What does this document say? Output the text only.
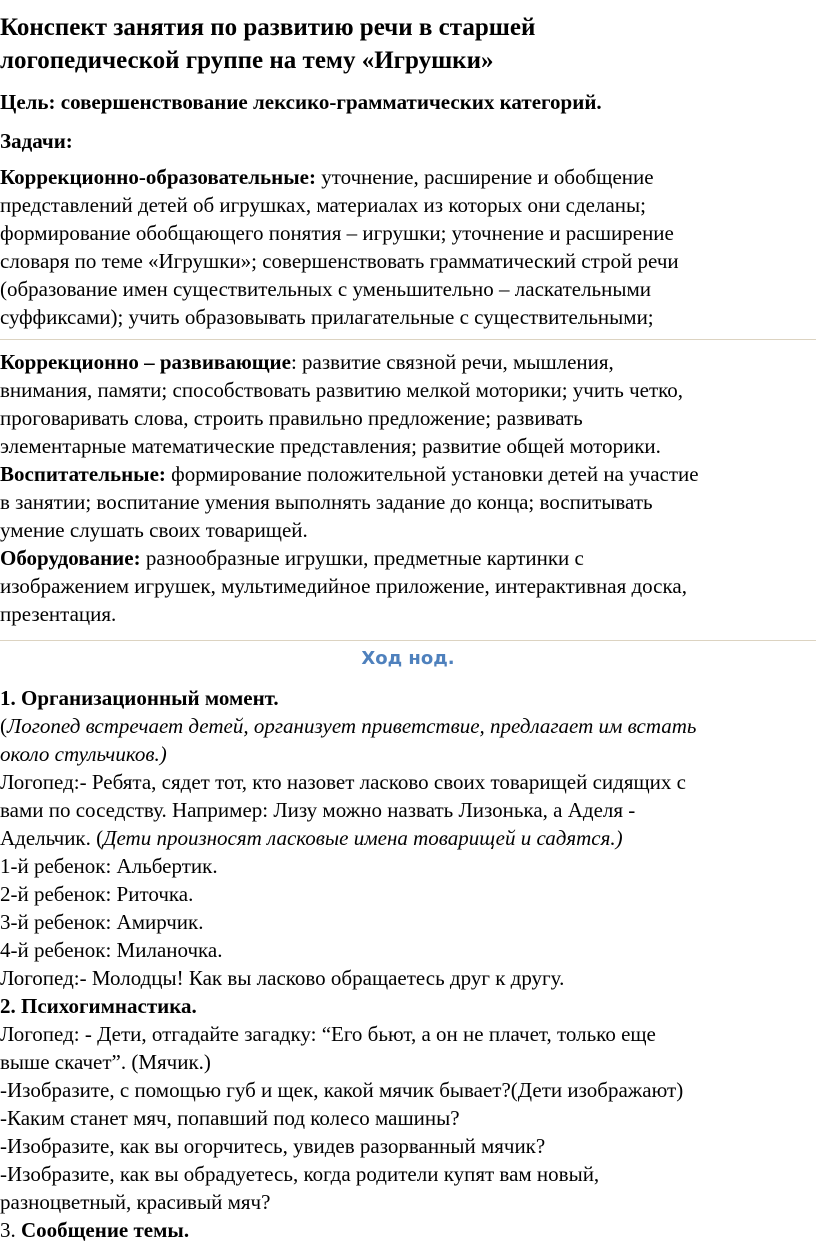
Конспект занятия по развитию речи в старшей
логопедической группе на тему «Игрушки»
Цель: совершенствование лексико-грамматических категорий.
Задачи:
Коррекционно-образовательные: уточнение, расширение и обобщение
представлений детей об игрушках, материалах из которых они сделаны;
формирование обобщающего понятия – игрушки; уточнение и расширение
словаря по теме «Игрушки»; совершенствовать грамматический строй речи
(образование имен существительных с уменьшительно – ласкательными
суффиксами); учить образовывать прилагательные с существительными;
Коррекционно – развивающие: развитие связной речи, мышления,
внимания, памяти; способствовать развитию мелкой моторики; учить четко,
проговаривать слова, строить правильно предложение; развивать
элементарные математические представления; развитие общей моторики.
Воспитательные: формирование положительной установки детей на участие
в занятии; воспитание умения выполнять задание до конца; воспитывать
умение слушать своих товарищей.
Оборудование: разнообразные игрушки, предметные картинки с
изображением игрушек, мультимедийное приложение, интерактивная доска,
презентация.
Ход нод.
1. Организационный момент.
(Логопед встречает детей, организует приветствие, предлагает им встать
около стульчиков.)
Логопед:- Ребята, сядет тот, кто назовет ласково своих товарищей сидящих с
вами по соседству. Например: Лизу можно назвать Лизонька, а Аделя -
Адельчик. (Дети произносят ласковые имена товарищей и садятся.)
1-й ребенок: Альбертик.
2-й ребенок: Риточка.
3-й ребенок: Амирчик.
4-й ребенок: Миланочка.
Логопед:- Молодцы! Как вы ласково обращаетесь друг к другу.
2. Психогимнастика.
Логопед: - Дети, отгадайте загадку: “Его бьют, а он не плачет, только еще
выше скачет”. (Мячик.)
-Изобразите, с помощью губ и щек, какой мячик бывает?(Дети изображают)
-Каким станет мяч, попавший под колесо машины?
-Изобразите, как вы огорчитесь, увидев разорванный мячик?
-Изобразите, как вы обрадуетесь, когда родители купят вам новый,
разноцветный, красивый мяч?
3. Сообщение темы.
